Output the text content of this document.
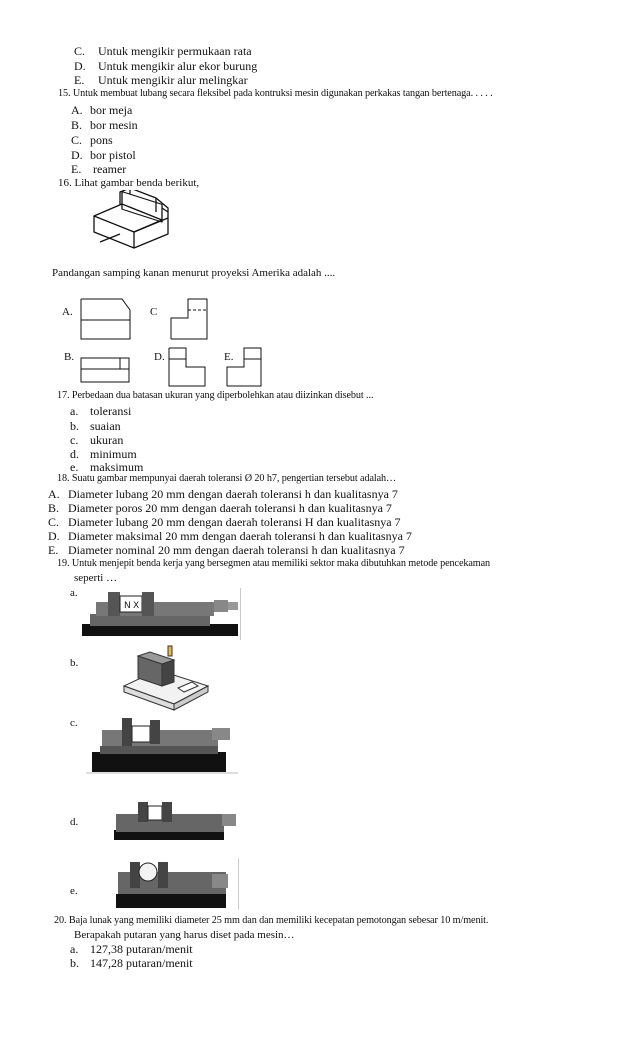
C. Untuk mengikir permukaan rata
D. Untuk mengikir alur ekor burung
E. Untuk mengikir alur melingkar
15. Untuk membuat lubang secara fleksibel pada kontruksi mesin digunakan perkakas tangan bertenaga. . . . .
A. bor meja
B. bor mesin
C. pons
D. bor pistol
E. reamer
16. Lihat gambar benda berikut,
Pandangan samping kanan menurut proyeksi Amerika adalah ....
A.	C
B.	D.	E.
17. Perbedaan dua batasan ukuran yang diperbolehkan atau diizinkan disebut ...
a. toleransi
b. suaian
c. ukuran
d. minimum
e. maksimum
18. Suatu gambar mempunyai daerah toleransi Ø 20 h7, pengertian tersebut adalah…
A. Diameter lubang 20 mm dengan daerah toleransi h dan kualitasnya 7
B. Diameter poros 20 mm dengan daerah toleransi h dan kualitasnya 7
C. Diameter lubang 20 mm dengan daerah toleransi H dan kualitasnya 7
D. Diameter maksimal 20 mm dengan daerah toleransi h dan kualitasnya 7
E. Diameter nominal 20 mm dengan daerah toleransi h dan kualitasnya 7
19. Untuk menjepit benda kerja yang bersegmen atau memiliki sektor maka dibutuhkan metode pencekaman
seperti …
a.
N X
b.
c.
d.
e.
20. Baja lunak yang memiliki diameter 25 mm dan dan memiliki kecepatan pemotongan sebesar 10 m/menit.
Berapakah putaran yang harus diset pada mesin…
a. 127,38 putaran/menit
b. 147,28 putaran/menit
